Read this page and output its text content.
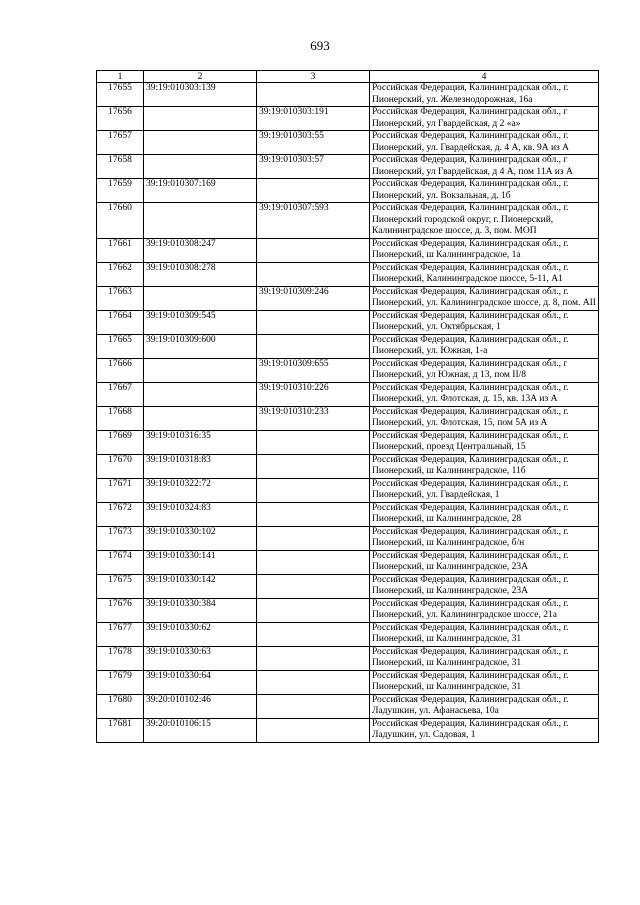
693
1	2	3	4
17655	39:19:010303:139		Российская Федерация, Калининградская обл., г. Пионерский, ул. Железнодорожная, 16а
17656		39:19:010303:191	Российская Федерация, Калининградская обл., г Пионерский, ул Гвардейская, д 2 «а»
17657		39:19:010303:55	Российская Федерация, Калининградская обл., г. Пионерский, ул. Гвардейская, д. 4 А, кв. 9А из А
17658		39:19:010303:57	Российская Федерация, Калининградская обл., г Пионерский, ул Гвардейская, д 4 А, пом 11А из А
17659	39:19:010307:169		Российская Федерация, Калининградская обл., г. Пионерский, ул. Вокзальная, д. 1б
17660		39:19:010307:593	Российская Федерация, Калининградская обл., г. Пионерский городской округ, г. Пионерский, Калининградское шоссе, д. 3, пом. МОП
17661	39:19:010308:247		Российская Федерация, Калининградская обл., г. Пионерский, ш Калининградское, 1а
17662	39:19:010308:278		Российская Федерация, Калининградская обл., г. Пионерский, Калининградское шоссе, 5-11, А1
17663		39:19:010309:246	Российская Федерация, Калининградская обл., г. Пионерский, ул. Калининградское шоссе, д. 8, пом. АII
17664	39:19:010309:545		Российская Федерация, Калининградская обл., г. Пионерский, ул. Октябрьская, 1
17665	39:19:010309:600		Российская Федерация, Калининградская обл., г. Пионерский, ул. Южная, 1-а
17666		39:19:010309:655	Российская Федерация, Калининградская обл., г Пионерский, ул Южная, д 13, пом II/8
17667		39:19:010310:226	Российская Федерация, Калининградская обл., г. Пионерский, ул. Флотская, д. 15, кв. 13А из А
17668		39:19:010310:233	Российская Федерация, Калининградская обл., г. Пионерский, ул. Флотская, 15, пом 5А из А
17669	39:19:010316:35		Российская Федерация, Калининградская обл., г. Пионерский, проезд Центральный, 15
17670	39:19:010318:83		Российская Федерация, Калининградская обл., г. Пионерский, ш Калининградское, 11б
17671	39:19:010322:72		Российская Федерация, Калининградская обл., г. Пионерский, ул. Гвардейская, 1
17672	39:19:010324:83		Российская Федерация, Калининградская обл., г. Пионерский, ш Калининградское, 28
17673	39:19:010330:102		Российская Федерация, Калининградская обл., г. Пионерский, ш Калининградское, б/н
17674	39:19:010330:141		Российская Федерация, Калининградская обл., г. Пионерский, ш Калининградское, 23А
17675	39:19:010330:142		Российская Федерация, Калининградская обл., г. Пионерский, ш Калининградское, 23А
17676	39:19:010330:384		Российская Федерация, Калининградская обл., г. Пионерский, ул. Калининградское шоссе, 21а
17677	39:19:010330:62		Российская Федерация, Калининградская обл., г. Пионерский, ш Калининградское, 31
17678	39:19:010330:63		Российская Федерация, Калининградская обл., г. Пионерский, ш Калининградское, 31
17679	39:19:010330:64		Российская Федерация, Калининградская обл., г. Пионерский, ш Калининградское, 31
17680	39:20:010102:46		Российская Федерация, Калининградская обл., г. Ладушкин, ул. Афанасьева, 10а
17681	39:20:010106:15		Российская Федерация, Калининградская обл., г. Ладушкин, ул. Садовая, 1
